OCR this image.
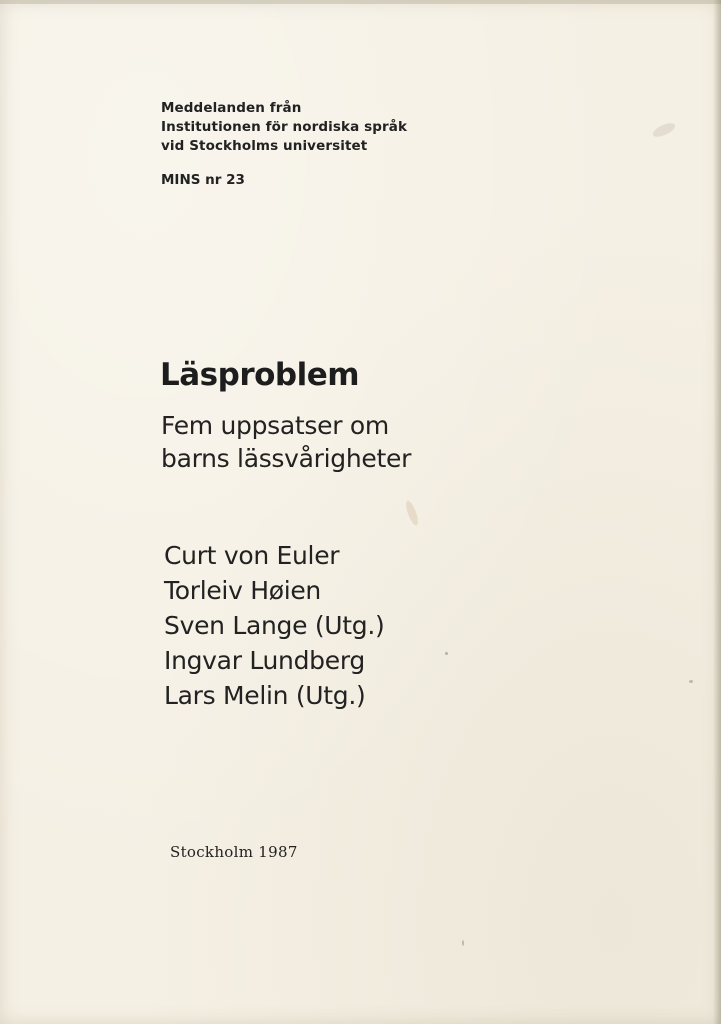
Meddelanden från
Institutionen för nordiska språk
vid Stockholms universitet
MINS nr 23
Läsproblem
Fem uppsatser om
barns lässvårigheter
Curt von Euler
Torleiv Høien
Sven Lange (Utg.)
Ingvar Lundberg
Lars Melin (Utg.)
Stockholm 1987
